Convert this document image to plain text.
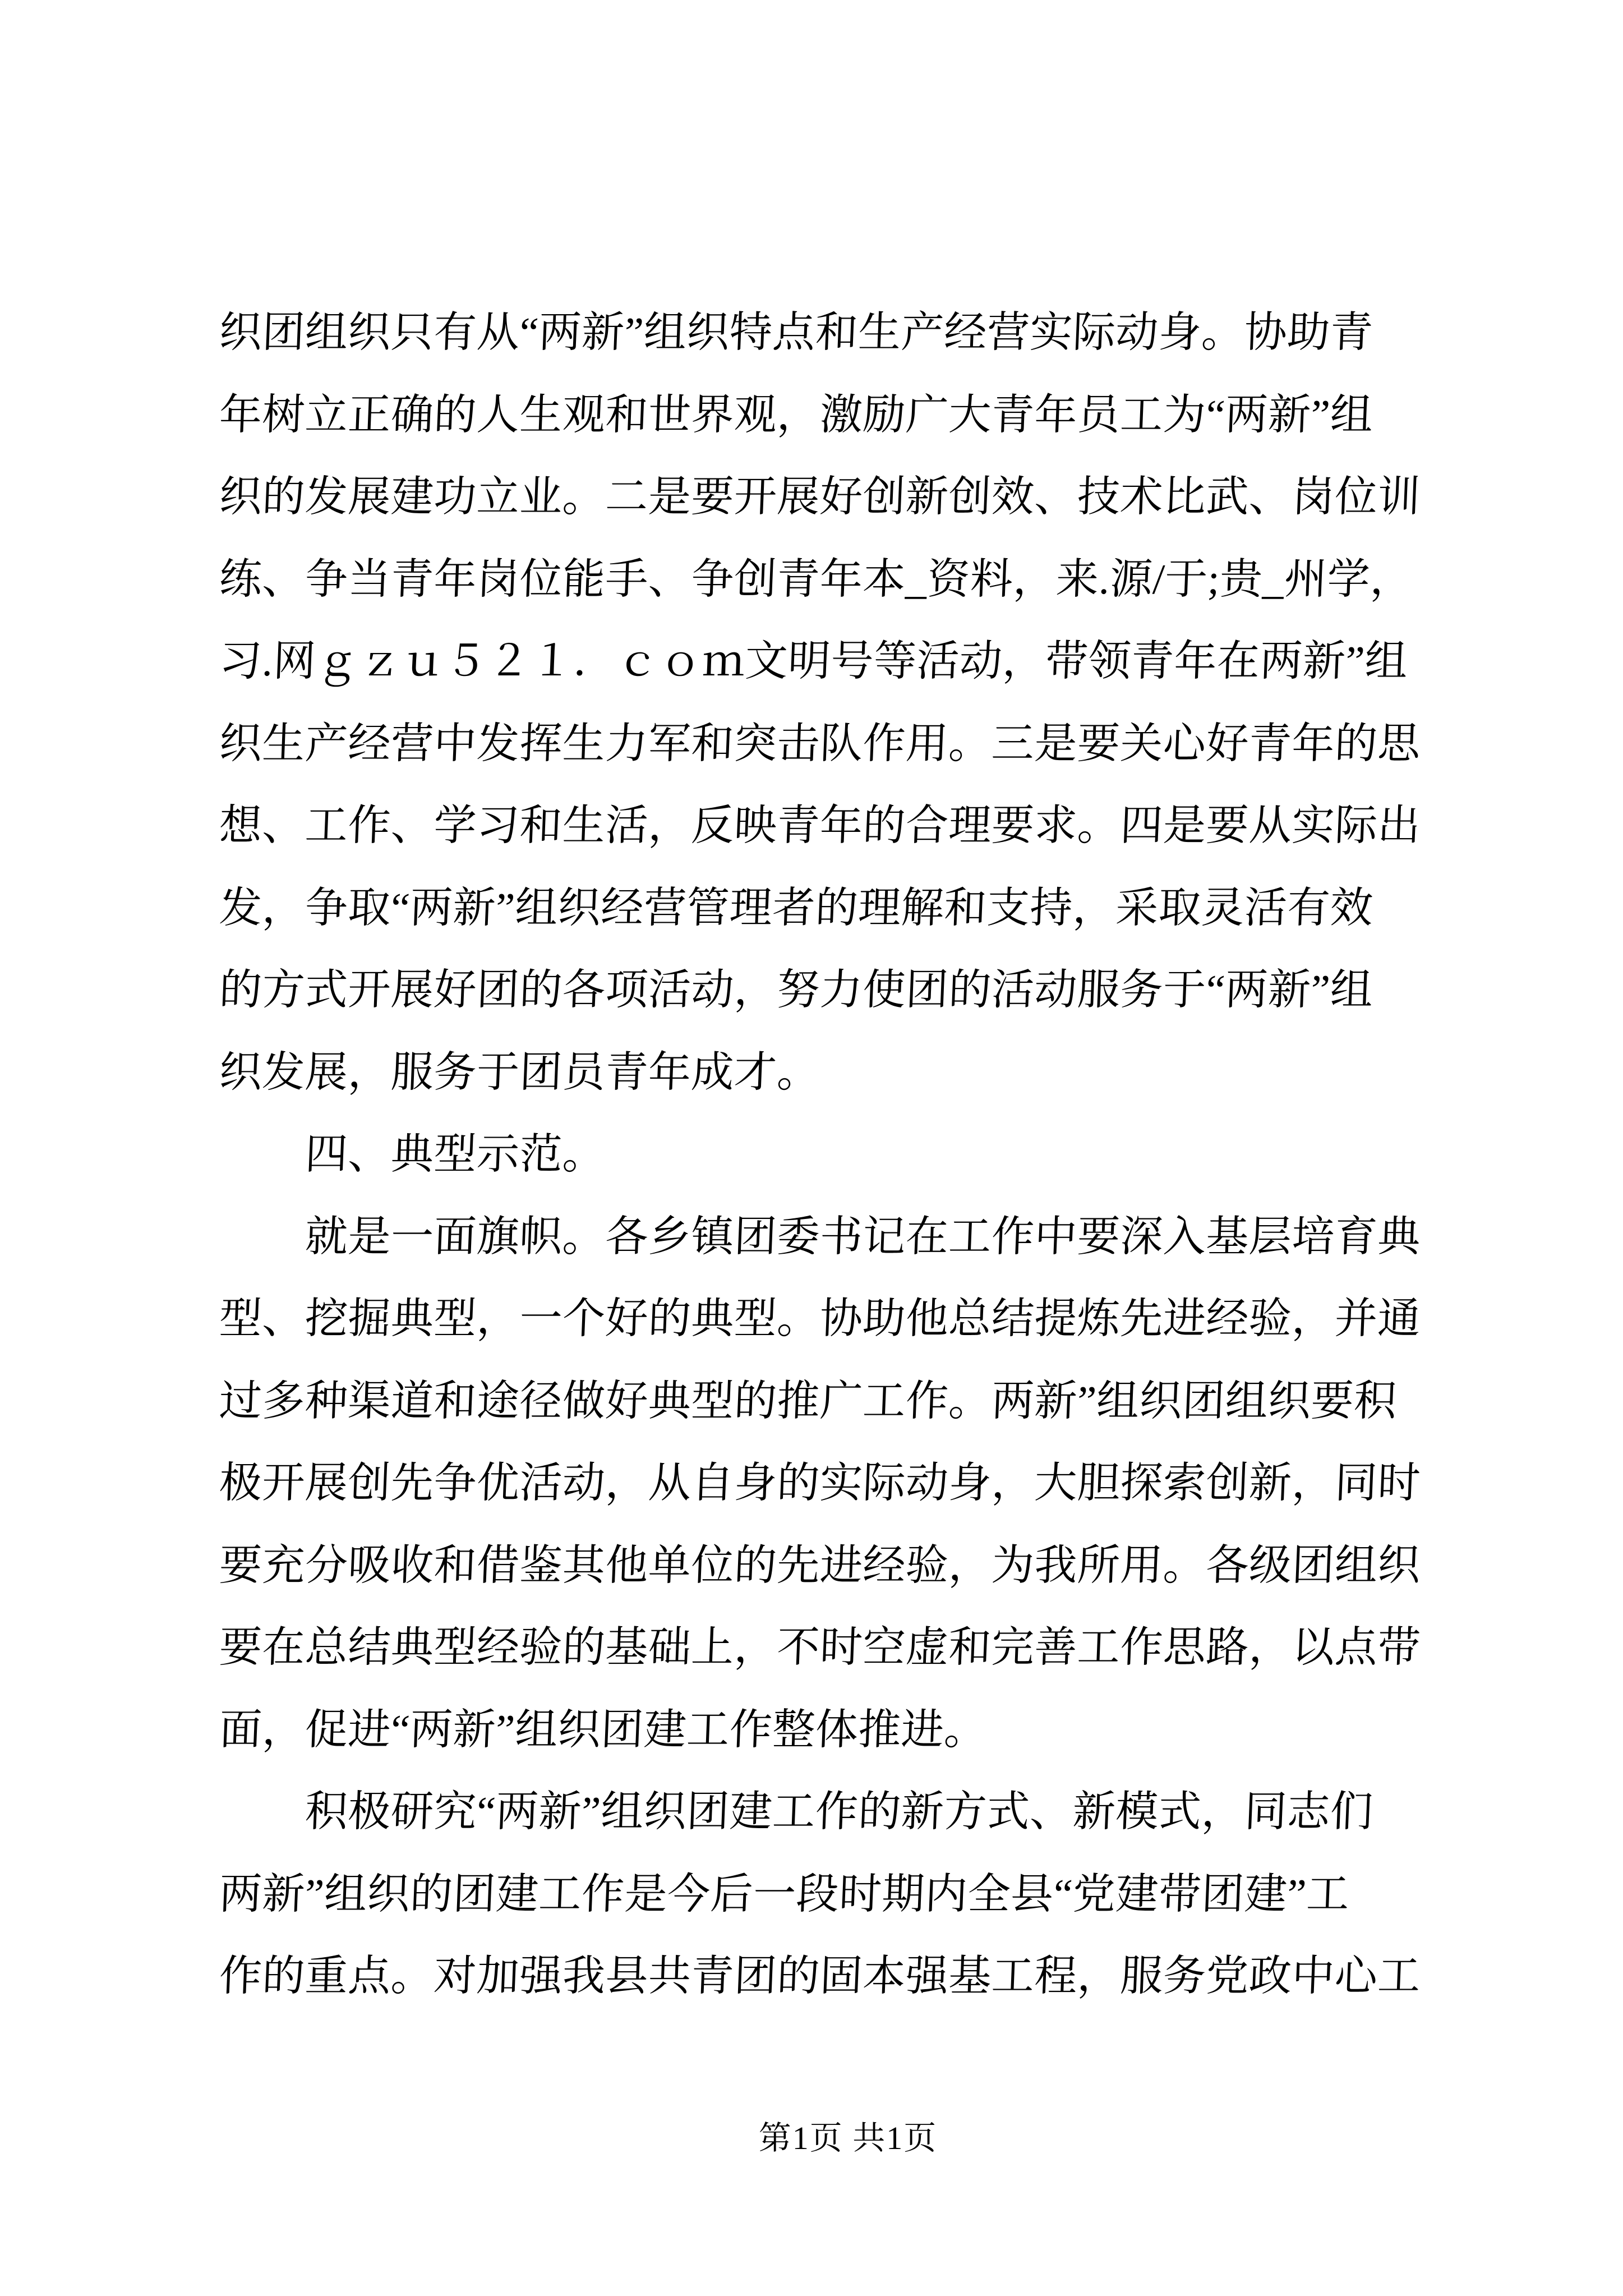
织团组织只有从“两新”组织特点和生产经营实际动身。协助青
年树立正确的人生观和世界观，激励广大青年员工为“两新”组
织的发展建功立业。二是要开展好创新创效、技术比武、岗位训
练、争当青年岗位能手、争创青年本_资料，来.源/于;贵_州学，
习.网ｇｚｕ５２１．ｃｏｍ文明号等活动，带领青年在两新”组
织生产经营中发挥生力军和突击队作用。三是要关心好青年的思
想、工作、学习和生活，反映青年的合理要求。四是要从实际出
发，争取“两新”组织经营管理者的理解和支持，采取灵活有效
的方式开展好团的各项活动，努力使团的活动服务于“两新”组
织发展，服务于团员青年成才。
四、典型示范。
就是一面旗帜。各乡镇团委书记在工作中要深入基层培育典
型、挖掘典型，一个好的典型。协助他总结提炼先进经验，并通
过多种渠道和途径做好典型的推广工作。两新”组织团组织要积
极开展创先争优活动，从自身的实际动身，大胆探索创新，同时
要充分吸收和借鉴其他单位的先进经验，为我所用。各级团组织
要在总结典型经验的基础上，不时空虚和完善工作思路，以点带
面，促进“两新”组织团建工作整体推进。
积极研究“两新”组织团建工作的新方式、新模式，同志们
两新”组织的团建工作是今后一段时期内全县“党建带团建”工
作的重点。对加强我县共青团的固本强基工程，服务党政中心工
第1页 共1页
